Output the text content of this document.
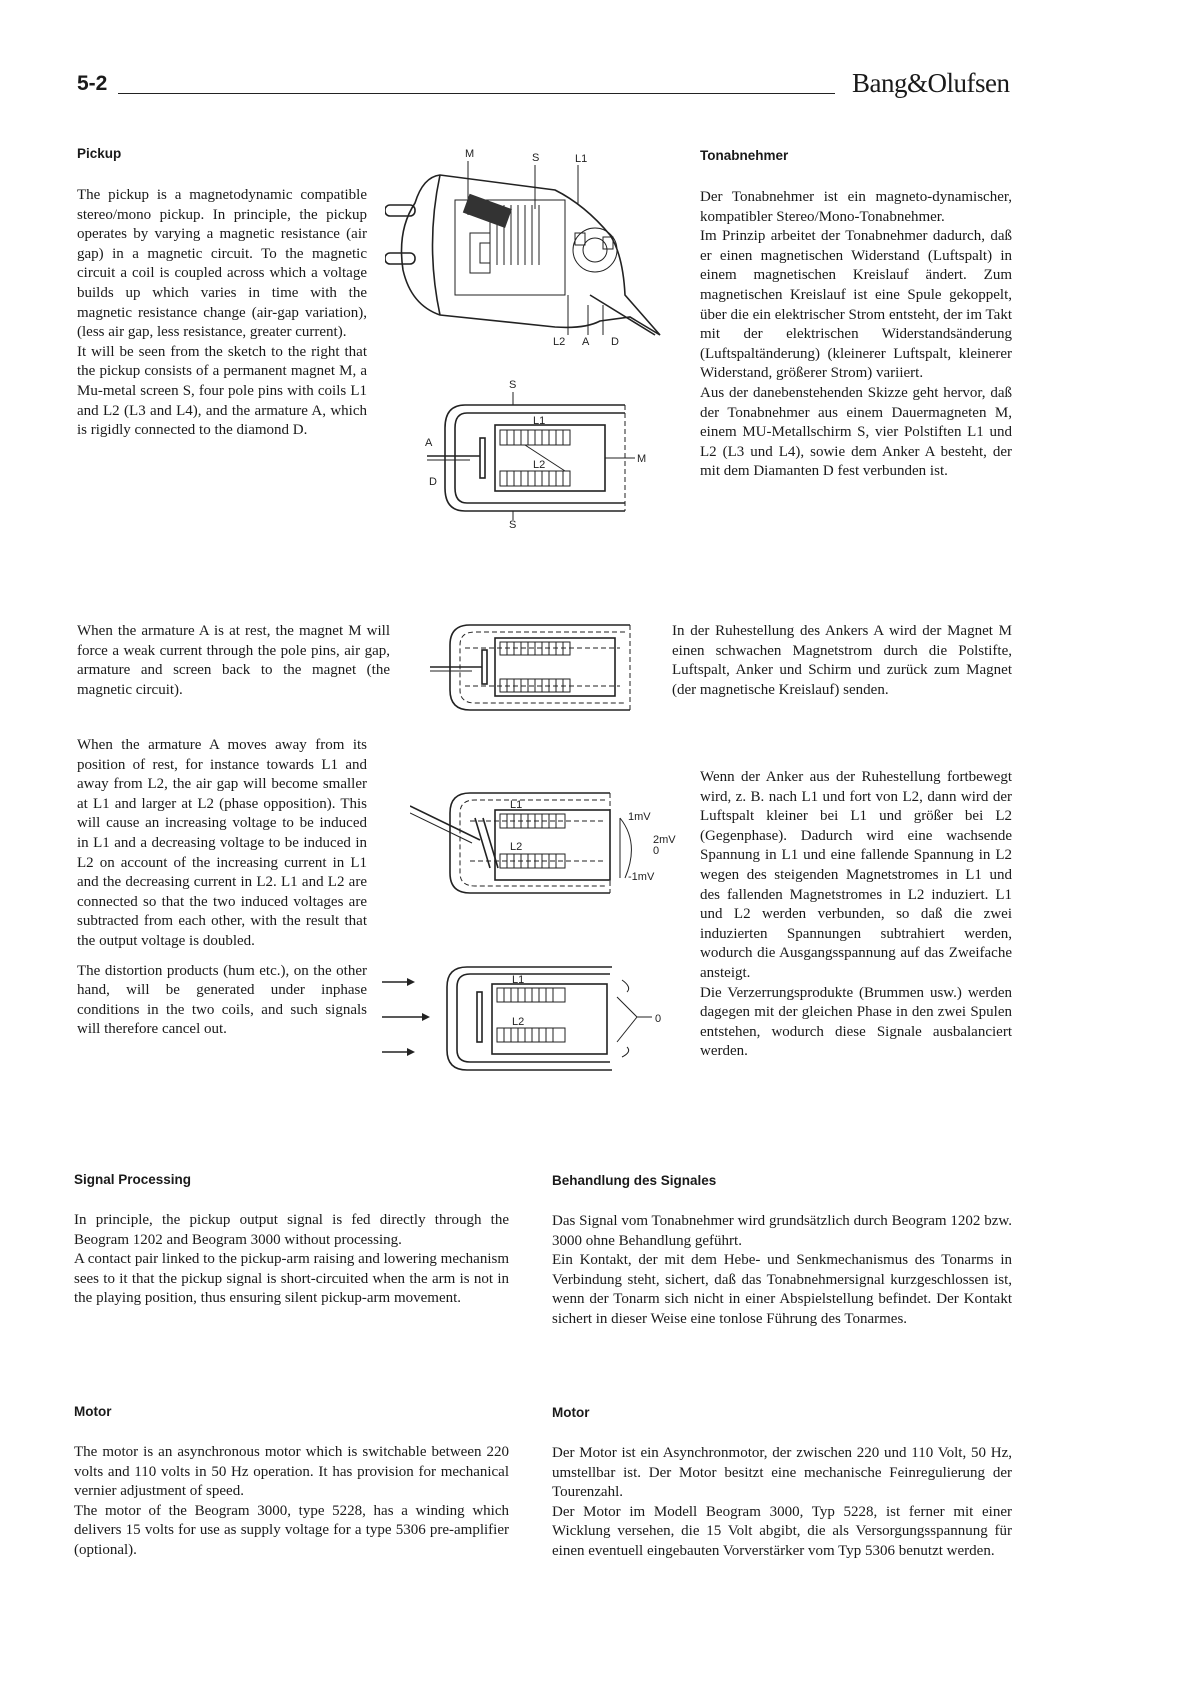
5-2	Bang&Olufsen
Pickup

The pickup is a magnetodynamic compatible stereo/mono pickup. In principle, the pickup operates by varying a magnetic resistance (air gap) in a magnetic circuit. To the magnetic circuit a coil is coupled across which a voltage builds up which varies in time with the magnetic resistance change (air-gap variation), (less air gap, less resistance, greater current).

It will be seen from the sketch to the right that the pickup consists of a permanent magnet M, a Mu-metal screen S, four pole pins with coils L1 and L2 (L3 and L4), and the armature A, which is rigidly connected to the diamond D.

Tonabnehmer

Der Tonabnehmer ist ein magneto-dynamischer, kompatibler Stereo/Mono-Tonabnehmer.

Im Prinzip arbeitet der Tonabnehmer dadurch, daß er einen magnetischen Widerstand (Luftspalt) in einem magnetischen Kreislauf ändert. Zum magnetischen Kreislauf ist eine Spule gekoppelt, über die ein elektrischer Strom entsteht, der im Takt mit der elektrischen Widerstandsänderung (Luftspaltänderung) (kleinerer Luftspalt, kleinerer Widerstand, größerer Strom) variiert.

Aus der danebenstehenden Skizze geht hervor, daß der Tonabnehmer aus einem Dauermagneten M, einem MU-Metallschirm S, vier Polstiften L1 und L2 (L3 und L4), sowie dem Anker A besteht, der mit dem Diamanten D fest verbunden ist.

M	S	L1
L2 A D
S
L1
L2
A
D
M
S

When the armature A is at rest, the magnet M will force a weak current through the pole pins, air gap, armature and screen back to the magnet (the magnetic circuit).

In der Ruhestellung des Ankers A wird der Magnet M einen schwachen Magnetstrom durch die Polstifte, Luftspalt, Anker und Schirm und zurück zum Magnet (der magnetische Kreislauf) senden.

When the armature A moves away from its position of rest, for instance towards L1 and away from L2, the air gap will become smaller at L1 and larger at L2 (phase opposition). This will cause an increasing voltage to be induced in L1 and a decreasing voltage to be induced in L2 on account of the increasing current in L1 and the decreasing current in L2. L1 and L2 are connected so that the two induced voltages are subtracted from each other, with the result that the output voltage is doubled.

The distortion products (hum etc.), on the other hand, will be generated under inphase conditions in the two coils, and such signals will therefore cancel out.

L1
L2
1mV
2mV
0
-1mV
L1
L2	0

Wenn der Anker aus der Ruhestellung fortbewegt wird, z. B. nach L1 und fort von L2, dann wird der Luftspalt kleiner bei L1 und größer bei L2 (Gegenphase). Dadurch wird eine wachsende Spannung in L1 und eine fallende Spannung in L2 wegen des steigenden Magnetstromes in L1 und des fallenden Magnetstromes in L2 induziert. L1 und L2 werden verbunden, so daß die zwei induzierten Spannungen subtrahiert werden, wodurch die Ausgangsspannung auf das Zweifache ansteigt.

Die Verzerrungsprodukte (Brummen usw.) werden dagegen mit der gleichen Phase in den zwei Spulen entstehen, wodurch diese Signale ausbalanciert werden.

Signal Processing

In principle, the pickup output signal is fed directly through the Beogram 1202 and Beogram 3000 without processing.

A contact pair linked to the pickup-arm raising and lowering mechanism sees to it that the pickup signal is short-circuited when the arm is not in the playing position, thus ensuring silent pickup-arm movement.

Behandlung des Signales

Das Signal vom Tonabnehmer wird grundsätzlich durch Beogram 1202 bzw. 3000 ohne Behandlung geführt.

Ein Kontakt, der mit dem Hebe- und Senkmechanismus des Tonarms in Verbindung steht, sichert, daß das Tonabnehmersignal kurzgeschlossen ist, wenn der Tonarm sich nicht in einer Abspielstellung befindet. Der Kontakt sichert in dieser Weise eine tonlose Führung des Tonarmes.

Motor

The motor is an asynchronous motor which is switchable between 220 volts and 110 volts in 50 Hz operation. It has provision for mechanical vernier adjustment of speed.

The motor of the Beogram 3000, type 5228, has a winding which delivers 15 volts for use as supply voltage for a type 5306 pre-amplifier (optional).

Motor

Der Motor ist ein Asynchronmotor, der zwischen 220 und 110 Volt, 50 Hz, umstellbar ist. Der Motor besitzt eine mechanische Feinregulierung der Tourenzahl.

Der Motor im Modell Beogram 3000, Typ 5228, ist ferner mit einer Wicklung versehen, die 15 Volt abgibt, die als Versorgungsspannung für einen eventuell eingebauten Vorverstärker vom Typ 5306 benutzt werden.
